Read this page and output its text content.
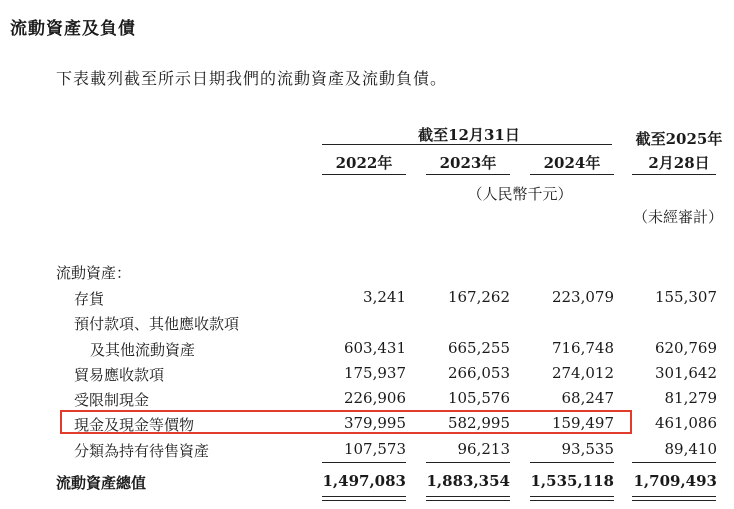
流動資產及負債
下表載列截至所示日期我們的流動資產及流動負債。
截至12月31日	截至2025年
2月28日
2022年	2023年	2024年
（人民幣千元）
（未經審計）
流動資產：
存貨	3,241	167,262	223,079	155,307
預付款項、其他應收款項
及其他流動資產	603,431	665,255	716,748	620,769
貿易應收款項	175,937	266,053	274,012	301,642
受限制現金	226,906	105,576	68,247	81,279
現金及現金等價物	379,995	582,995	159,497	461,086
分類為持有待售資產	107,573	96,213	93,535	89,410
流動資產總值	1,497,083	1,883,354	1,535,118	1,709,493
